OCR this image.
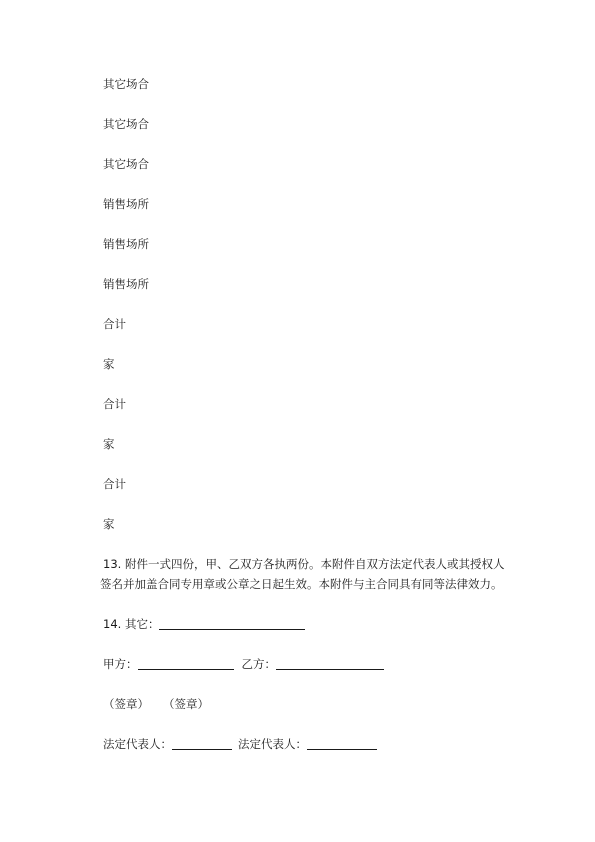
其它场合
其它场合
其它场合
销售场所
销售场所
销售场所
合计
家
合计
家
合计
家
13. 附件一式四份，甲、乙双方各执两份。本附件自双方法定代表人或其授权人
签名并加盖合同专用章或公章之日起生效。本附件与主合同具有同等法律效力。
14. 其它：
甲方：	乙方：
（签章） （签章）
法定代表人：	法定代表人：
